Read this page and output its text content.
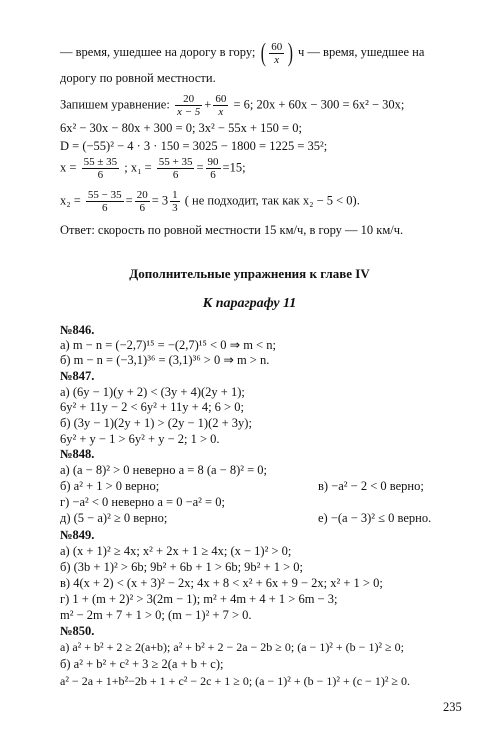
— время, ушедшее на дорогу в гору; ( $\frac{60}{x}$ ) ч — время, ушедшее на
дорогу по ровной местности.
Запишем уравнение: $\frac{20}{x - 5} + \frac{60}{x} = 6$; 20x + 60x − 300 = 6x² − 30x;
6x² − 30x − 80x + 300 = 0; 3x² − 55x + 150 = 0;
D = (−55)² − 4 · 3 · 150 = 3025 − 1800 = 1225 = 35²;
$x = \frac{55 \pm 35}{6}$ ; $x_1 = \frac{55 + 35}{6} = \frac{90}{6} =15$;
$x_2 = \frac{55 - 35}{6} = \frac{20}{6} = 3 \frac{1}{3}$ ( не подходит, так как x₂ − 5 < 0).
Ответ: скорость по ровной местности 15 км/ч, в гору — 10 км/ч.
Дополнительные упражнения к главе IV
К параграфу 11
№846.
а) m − n = (−2,7)¹⁵ = −(2,7)¹⁵ < 0 ⇒ m < n;
б) m − n = (−3,1)³⁶ = (3,1)³⁶ > 0 ⇒ m > n.
№847.
а) (6y − 1)(y + 2) < (3y + 4)(2y + 1);
6y² + 11y − 2 < 6y² + 11y + 4; 6 > 0;
б) (3y − 1)(2y + 1) > (2y − 1)(2 + 3y);
6y² + y − 1 > 6y² + y − 2; 1 > 0.
№848.
а) (a − 8)² > 0 неверно a = 8 (a − 8)² = 0;
б) a² + 1 > 0 верно;	в) −a² − 2 < 0 верно;
г) −a² < 0 неверно a = 0 −a² = 0;
д) (5 − a)² ≥ 0 верно;	е) −(a − 3)² ≤ 0 верно.
№849.
а) (x + 1)² ≥ 4x; x² + 2x + 1 ≥ 4x; (x − 1)² > 0;
б) (3b + 1)² > 6b; 9b² + 6b + 1 > 6b; 9b² + 1 > 0;
в) 4(x + 2) < (x + 3)² − 2x; 4x + 8 < x² + 6x + 9 − 2x; x² + 1 > 0;
г) 1 + (m + 2)² > 3(2m − 1); m² + 4m + 4 + 1 > 6m − 3;
m² − 2m + 7 + 1 > 0; (m − 1)² + 7 > 0.
№850.
а) a² + b² + 2 ≥ 2(a+b); a² + b² + 2 − 2a − 2b ≥ 0; (a − 1)² + (b − 1)² ≥ 0;
б) a² + b² + c² + 3 ≥ 2(a + b + c);
a² − 2a + 1+b²−2b + 1 + c² − 2c + 1 ≥ 0; (a − 1)² + (b − 1)² + (c − 1)² ≥ 0.
235
